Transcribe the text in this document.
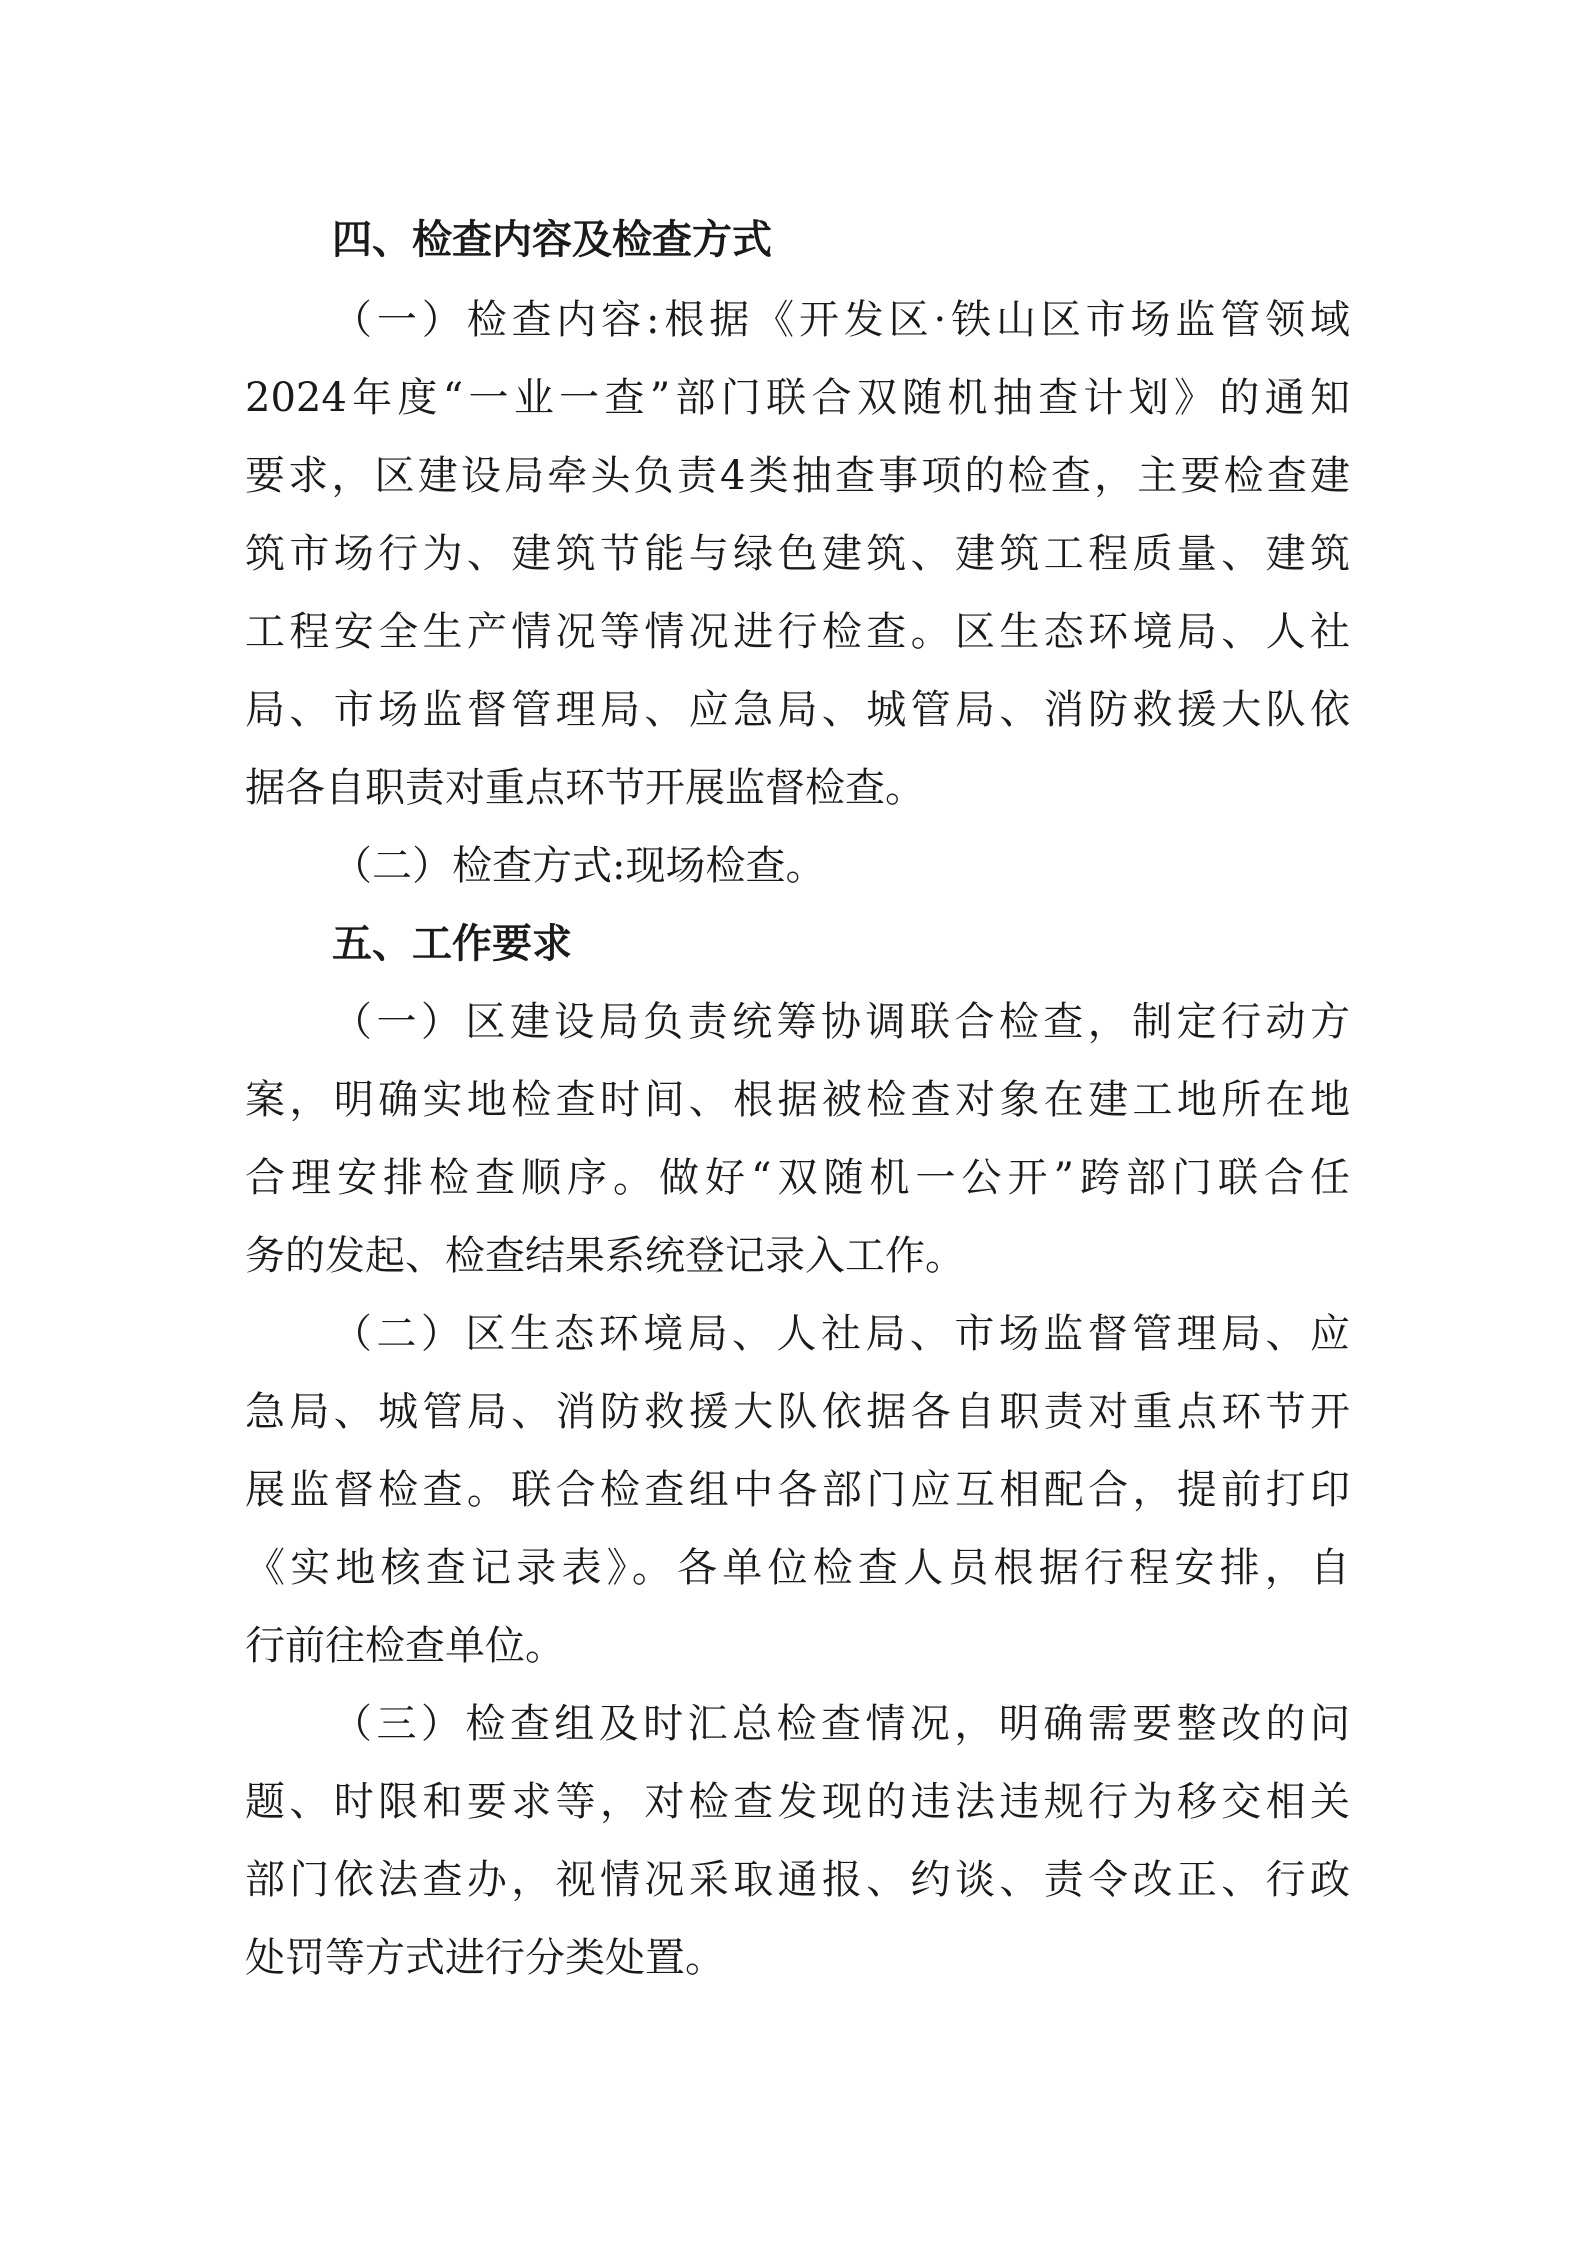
四、检查内容及检查方式
（一）检查内容:根据《开发区·铁山区市场监管领域
2024年度“一业一查”部门联合双随机抽查计划》的通知
要求，区建设局牵头负责4类抽查事项的检查，主要检查建
筑市场行为、建筑节能与绿色建筑、建筑工程质量、建筑
工程安全生产情况等情况进行检查。区生态环境局、人社
局、市场监督管理局、应急局、城管局、消防救援大队依
据各自职责对重点环节开展监督检查。
（二）检查方式:现场检查。
五、工作要求
（一）区建设局负责统筹协调联合检查，制定行动方
案，明确实地检查时间、根据被检查对象在建工地所在地
合理安排检查顺序。做好“双随机一公开”跨部门联合任
务的发起、检查结果系统登记录入工作。
（二）区生态环境局、人社局、市场监督管理局、应
急局、城管局、消防救援大队依据各自职责对重点环节开
展监督检查。联合检查组中各部门应互相配合，提前打印
《实地核查记录表》。各单位检查人员根据行程安排，自
行前往检查单位。
（三）检查组及时汇总检查情况，明确需要整改的问
题、时限和要求等，对检查发现的违法违规行为移交相关
部门依法查办，视情况采取通报、约谈、责令改正、行政
处罚等方式进行分类处置。
